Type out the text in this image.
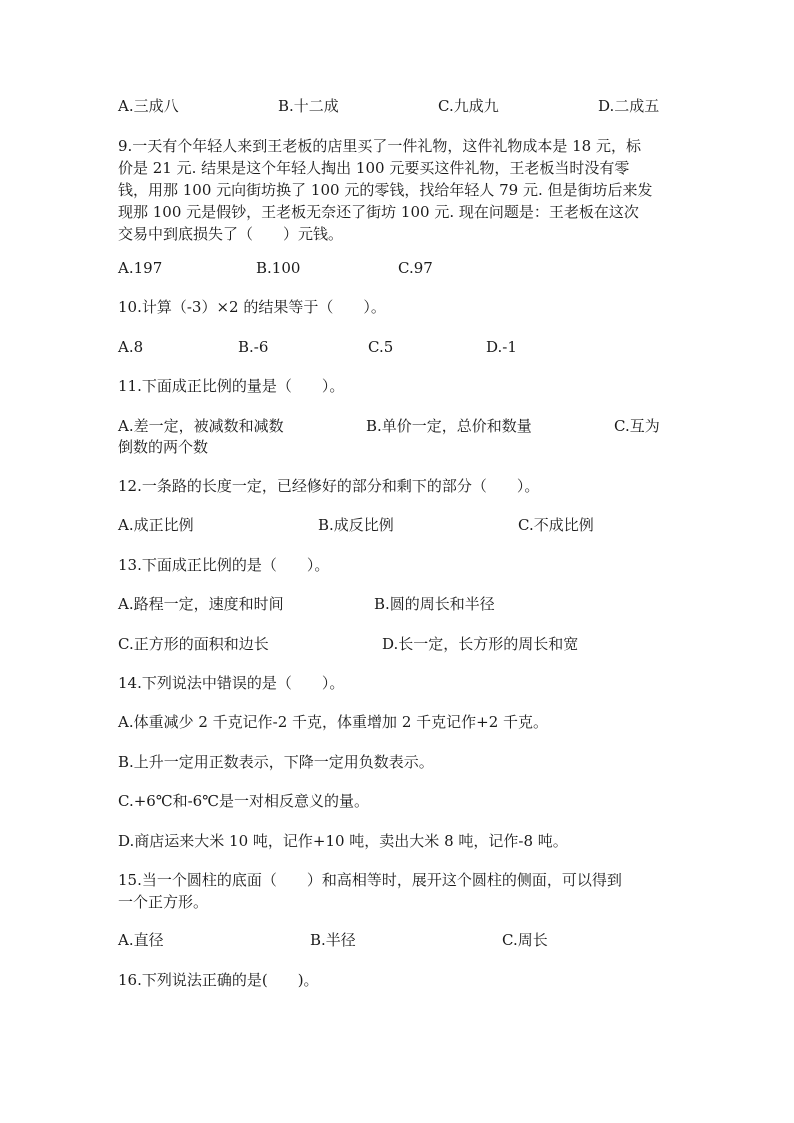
A.三成八	B.十二成	C.九成九	D.二成五
9.一天有个年轻人来到王老板的店里买了一件礼物，这件礼物成本是 18 元，标
价是 21 元. 结果是这个年轻人掏出 100 元要买这件礼物，王老板当时没有零
钱，用那 100 元向街坊换了 100 元的零钱，找给年轻人 79 元. 但是街坊后来发
现那 100 元是假钞，王老板无奈还了街坊 100 元. 现在问题是：王老板在这次
交易中到底损失了（　　）元钱。
A.197	B.100	C.97
10.计算（-3）×2 的结果等于（　　）。
A.8	B.-6	C.5	D.-1
11.下面成正比例的量是（　　）。
A.差一定，被减数和减数	B.单价一定，总价和数量	C.互为
倒数的两个数
12.一条路的长度一定，已经修好的部分和剩下的部分（　　）。
A.成正比例	B.成反比例	C.不成比例
13.下面成正比例的是（　　）。
A.路程一定，速度和时间	B.圆的周长和半径
C.正方形的面积和边长	D.长一定，长方形的周长和宽
14.下列说法中错误的是（　　）。
A.体重减少 2 千克记作-2 千克，体重增加 2 千克记作+2 千克。
B.上升一定用正数表示，下降一定用负数表示。
C.+6℃和-6℃是一对相反意义的量。
D.商店运来大米 10 吨，记作+10 吨，卖出大米 8 吨，记作-8 吨。
15.当一个圆柱的底面（　　）和高相等时，展开这个圆柱的侧面，可以得到
一个正方形。
A.直径	B.半径	C.周长
16.下列说法正确的是(　　)。
